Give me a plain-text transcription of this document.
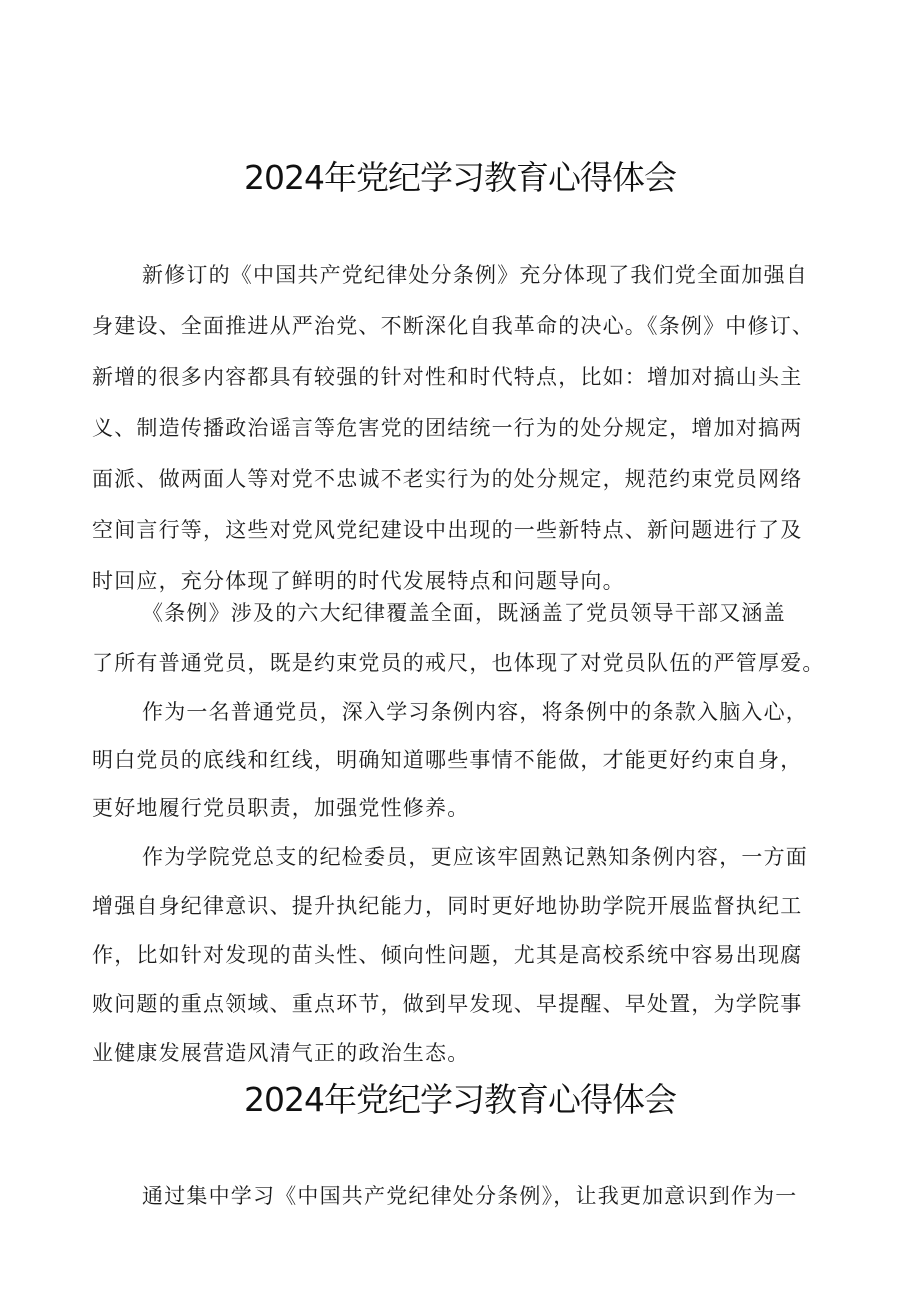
2024年党纪学习教育心得体会
新修订的《中国共产党纪律处分条例》充分体现了我们党全面加强自
身建设、全面推进从严治党、不断深化自我革命的决心。《条例》中修订、
新增的很多内容都具有较强的针对性和时代特点，比如：增加对搞山头主
义、制造传播政治谣言等危害党的团结统一行为的处分规定，增加对搞两
面派、做两面人等对党不忠诚不老实行为的处分规定，规范约束党员网络
空间言行等，这些对党风党纪建设中出现的一些新特点、新问题进行了及
时回应，充分体现了鲜明的时代发展特点和问题导向。
《条例》涉及的六大纪律覆盖全面，既涵盖了党员领导干部又涵盖
了所有普通党员，既是约束党员的戒尺，也体现了对党员队伍的严管厚爱。
作为一名普通党员，深入学习条例内容，将条例中的条款入脑入心，
明白党员的底线和红线，明确知道哪些事情不能做，才能更好约束自身，
更好地履行党员职责，加强党性修养。
作为学院党总支的纪检委员，更应该牢固熟记熟知条例内容，一方面
增强自身纪律意识、提升执纪能力，同时更好地协助学院开展监督执纪工
作，比如针对发现的苗头性、倾向性问题，尤其是高校系统中容易出现腐
败问题的重点领域、重点环节，做到早发现、早提醒、早处置，为学院事
业健康发展营造风清气正的政治生态。
2024年党纪学习教育心得体会
通过集中学习《中国共产党纪律处分条例》，让我更加意识到作为一
